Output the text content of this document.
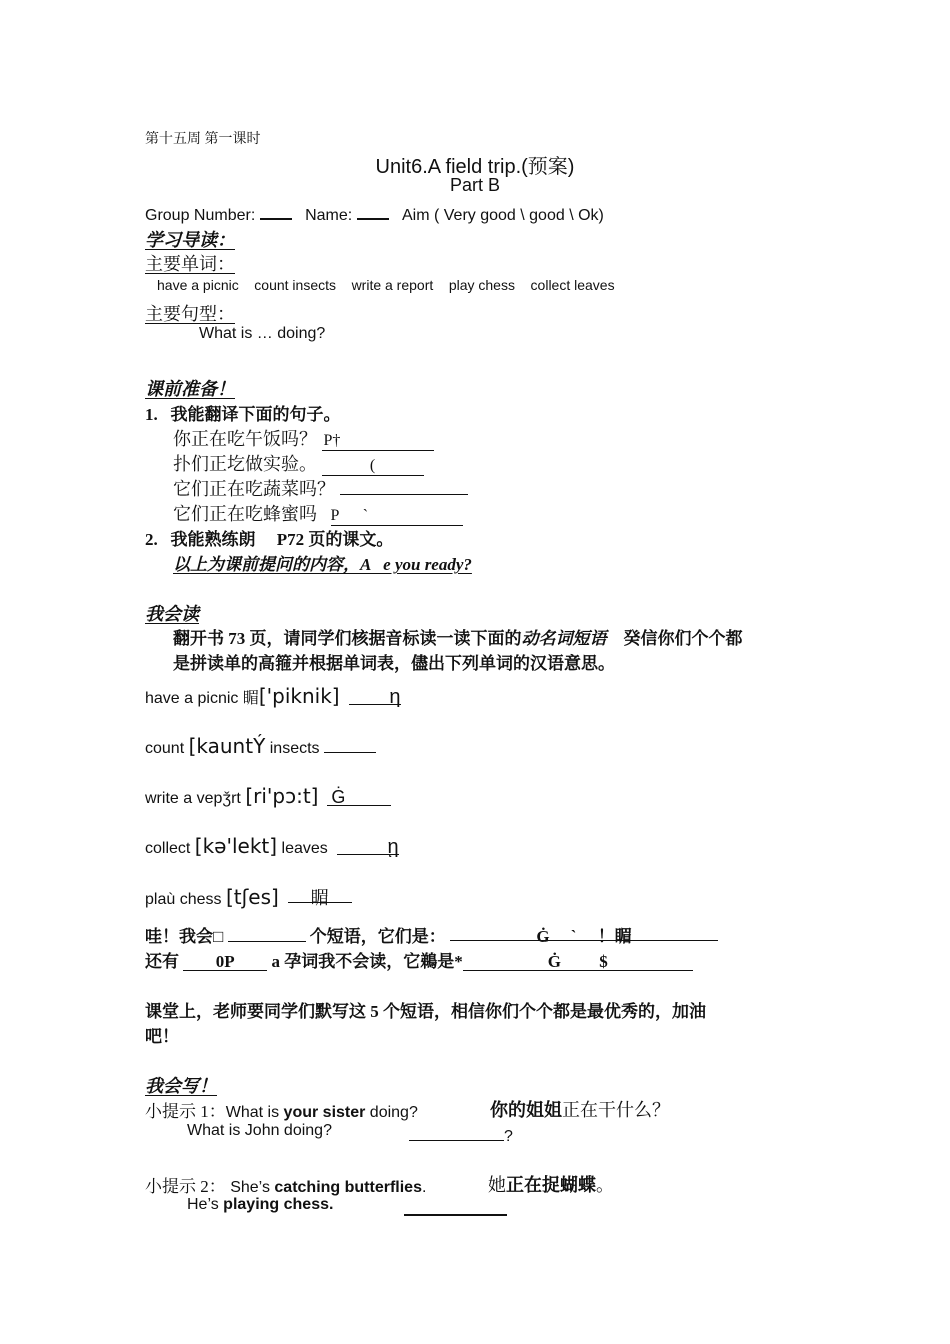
第十五周 第一课时
Unit6.A field trip.(预案)
Part B
Group Number:	Name:	Aim ( Very good \ good \ Ok)
学习导读：
主要单词：
have a picnic count insects write a report play chess collect leaves
主要句型：
What is … doing?
课前准备！
1. 我能翻译下面的句子。
你正在吃午饭吗？ P†
扑们正圪做实验。	(
它们正在吃蔬菜吗？
它们正在吃蜂蜜吗 P      `
2. 我能熟练朗 P72 页的课文。
以上为课前提问的内容，A   e you ready?
我会读
翻开书 73 页，请同学们核据音标读一读下面的动名词短语 癸信你们个个都
是拼读单的高箍并根据单词表，儘出下列单词的汉语意思。
have a picnic 睸['piknik] η
count [kauntÝ insects
write a vepǯrt [ri'pɔ:t] Ġ
collect [kə'lekt] leaves	ῃ
plaù chess [tʃes] 睸
哇！我会□	个短语，它们是：	Ġ     `     ！睸
还有 0P a 孕词我不会读，它鵜是*	Ġ         $
课堂上，老师要同学们默写这 5 个短语，相信你们个个都是最优秀的，加油
吧！
我会写！
小提示 1：What is your sister doing?	你的姐姐正在干什么？
What is John doing?	?
小提示 2： She’s catching butterflies.	她正在捉蝴蝶。
He’s playing chess.
